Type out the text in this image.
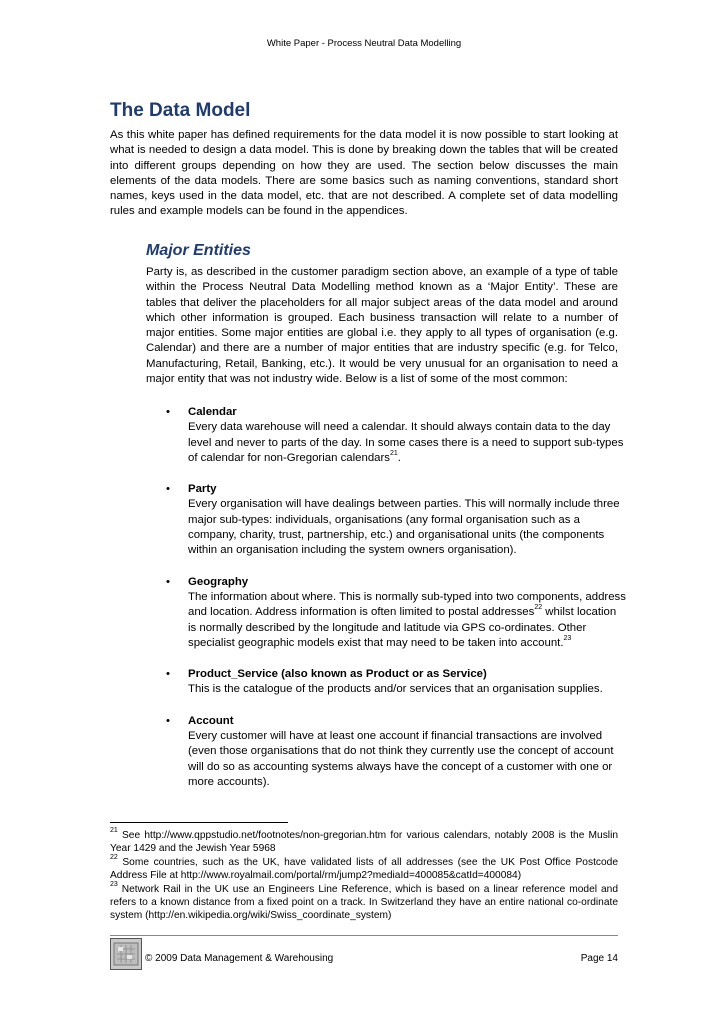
White Paper - Process Neutral Data Modelling
The Data Model

As this white paper has defined requirements for the data model it is now possible to start looking at what is needed to design a data model. This is done by breaking down the tables that will be created into different groups depending on how they are used. The section below discusses the main elements of the data models. There are some basics such as naming conventions, standard short names, keys used in the data model, etc. that are not described. A complete set of data modelling rules and example models can be found in the appendices.

Major Entities

Party is, as described in the customer paradigm section above, an example of a type of table within the Process Neutral Data Modelling method known as a ‘Major Entity’. These are tables that deliver the placeholders for all major subject areas of the data model and around which other information is grouped. Each business transaction will relate to a number of major entities. Some major entities are global i.e. they apply to all types of organisation (e.g. Calendar) and there are a number of major entities that are industry specific (e.g. for Telco, Manufacturing, Retail, Banking, etc.). It would be very unusual for an organisation to need a major entity that was not industry wide. Below is a list of some of the most common:

• Calendar
Every data warehouse will need a calendar. It should always contain data to the day level and never to parts of the day. In some cases there is a need to support sub-types of calendar for non-Gregorian calendars$^{21}$.
• Party
Every organisation will have dealings between parties. This will normally include three major sub-types: individuals, organisations (any formal organisation such as a company, charity, trust, partnership, etc.) and organisational units (the components within an organisation including the system owners organisation).
• Geography
The information about where. This is normally sub-typed into two components, address and location. Address information is often limited to postal addresses$^{22}$ whilst location is normally described by the longitude and latitude via GPS co-ordinates. Other specialist geographic models exist that may need to be taken into account.$^{23}$
• Product_Service (also known as Product or as Service)
This is the catalogue of the products and/or services that an organisation supplies.
• Account
Every customer will have at least one account if financial transactions are involved (even those organisations that do not think they currently use the concept of account will do so as accounting systems always have the concept of a customer with one or more accounts).

$^{21}$ See http://www.qppstudio.net/footnotes/non-gregorian.htm for various calendars, notably 2008 is the Muslin Year 1429 and the Jewish Year 5968

$^{22}$ Some countries, such as the UK, have validated lists of all addresses (see the UK Post Office Postcode Address File at http://www.royalmail.com/portal/rm/jump2?mediaId=400085&catId=400084)

$^{23}$ Network Rail in the UK use an Engineers Line Reference, which is based on a linear reference model and refers to a known distance from a fixed point on a track. In Switzerland they have an entire national co-ordinate system (http://en.wikipedia.org/wiki/Swiss_coordinate_system)

© 2009 Data Management & Warehousing	Page 14
